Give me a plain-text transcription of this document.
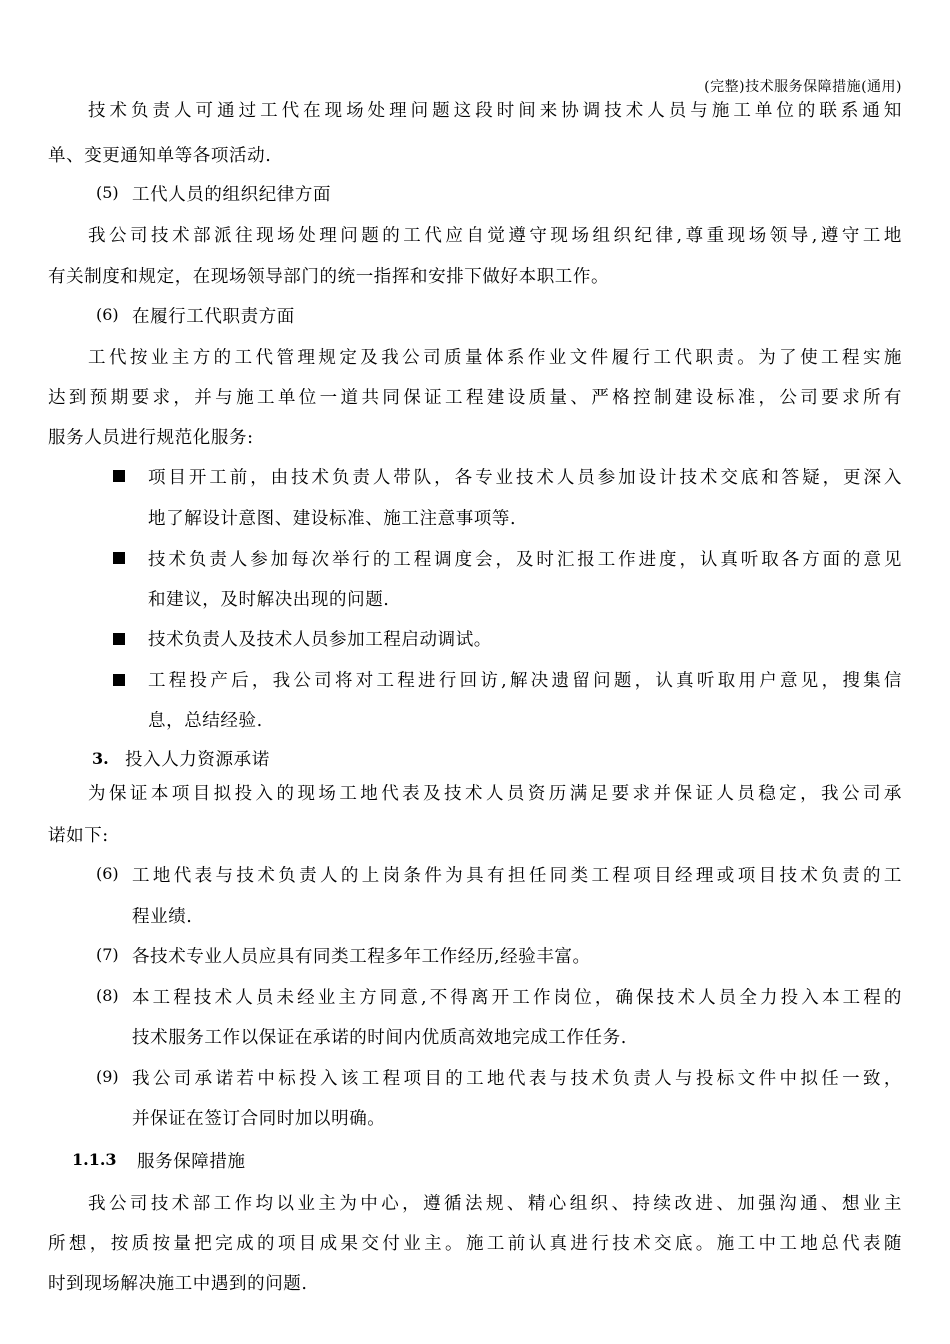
(完整)技术服务保障措施(通用)
技术负责人可通过工代在现场处理问题这段时间来协调技术人员与施工单位的联系通知
单、变更通知单等各项活动.
(5) 工代人员的组织纪律方面
我公司技术部派往现场处理问题的工代应自觉遵守现场组织纪律,尊重现场领导,遵守工地
有关制度和规定，在现场领导部门的统一指挥和安排下做好本职工作。
(6) 在履行工代职责方面
工代按业主方的工代管理规定及我公司质量体系作业文件履行工代职责。为了使工程实施
达到预期要求，并与施工单位一道共同保证工程建设质量、严格控制建设标准，公司要求所有
服务人员进行规范化服务:
项目开工前，由技术负责人带队，各专业技术人员参加设计技术交底和答疑，更深入
地了解设计意图、建设标准、施工注意事项等.
技术负责人参加每次举行的工程调度会，及时汇报工作进度，认真听取各方面的意见
和建议，及时解决出现的问题.
技术负责人及技术人员参加工程启动调试。
工程投产后，我公司将对工程进行回访,解决遗留问题，认真听取用户意见，搜集信
息，总结经验.
3. 投入人力资源承诺
为保证本项目拟投入的现场工地代表及技术人员资历满足要求并保证人员稳定，我公司承
诺如下:
(6) 工地代表与技术负责人的上岗条件为具有担任同类工程项目经理或项目技术负责的工
程业绩.
(7) 各技术专业人员应具有同类工程多年工作经历,经验丰富。
(8) 本工程技术人员未经业主方同意,不得离开工作岗位，确保技术人员全力投入本工程的
技术服务工作以保证在承诺的时间内优质高效地完成工作任务.
(9) 我公司承诺若中标投入该工程项目的工地代表与技术负责人与投标文件中拟任一致，
并保证在签订合同时加以明确。
1.1.3 服务保障措施
我公司技术部工作均以业主为中心，遵循法规、精心组织、持续改进、加强沟通、想业主
所想，按质按量把完成的项目成果交付业主。施工前认真进行技术交底。施工中工地总代表随
时到现场解决施工中遇到的问题.
